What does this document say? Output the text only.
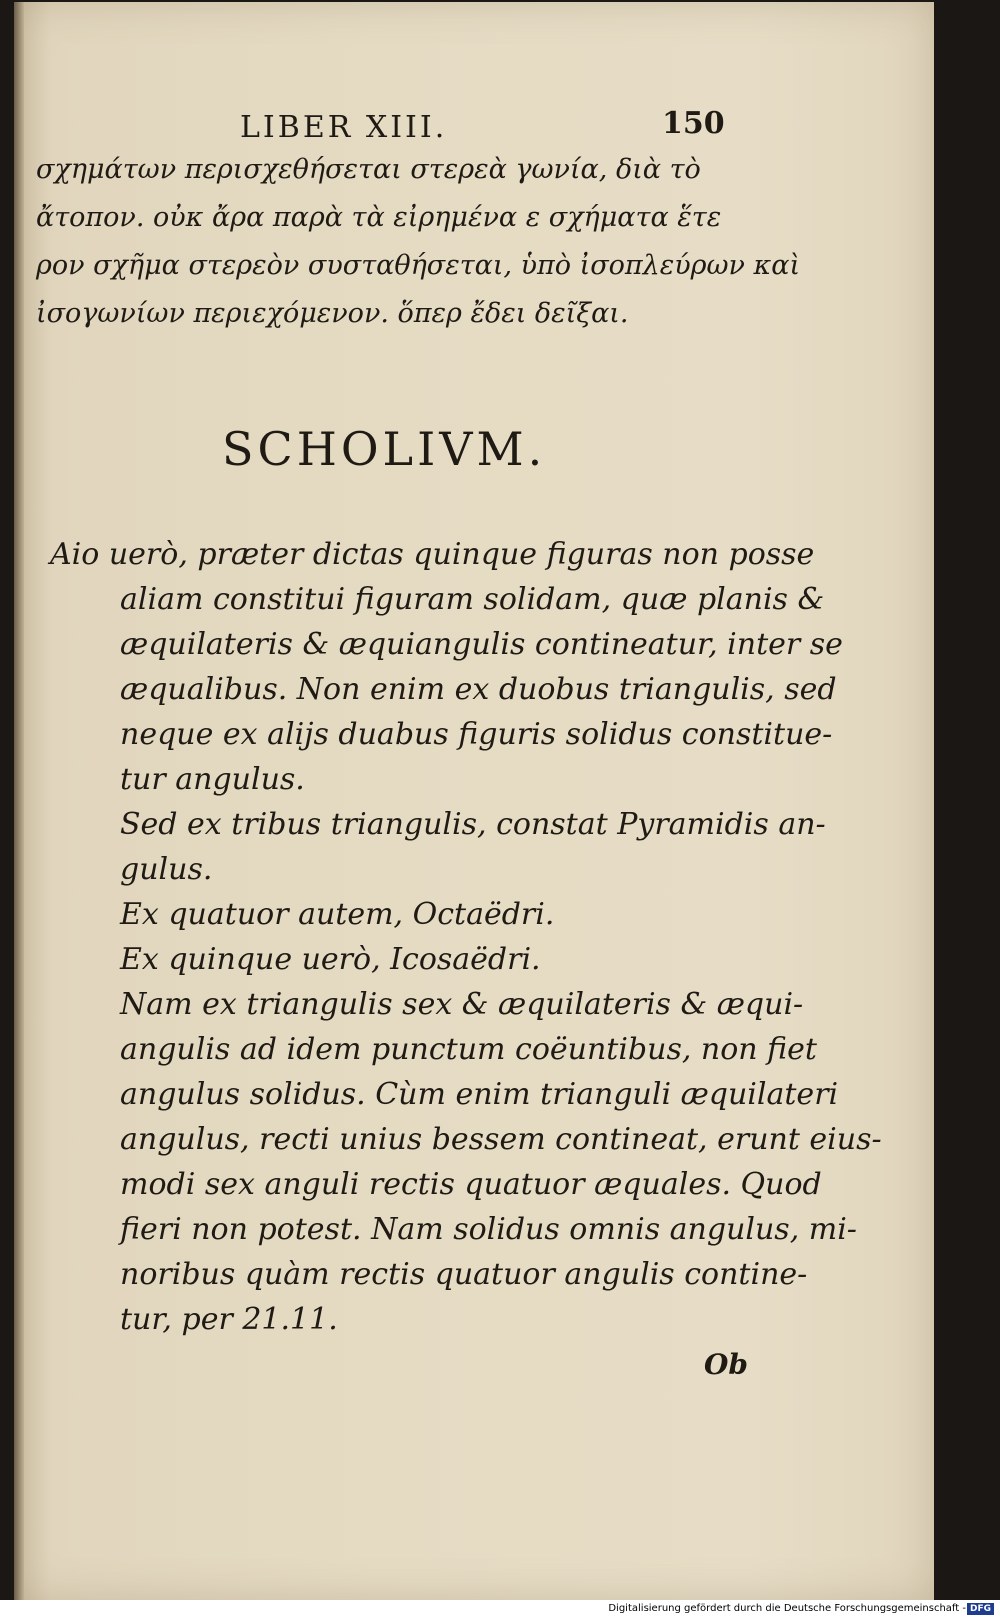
LIBER XIII.	150
σχημάτων περισχεθήσεται στερεὰ γωνία, διὰ τὸ
ἄτοπον. οὐκ ἄρα παρὰ τὰ εἰρημένα ε σχήματα ἕτε
ρον σχῆμα στερεὸν συσταθήσεται, ὑπὸ ἰσοπλεύρων καὶ
ἰσογωνίων περιεχόμενον. ὅπερ ἔδει δεῖξαι.
SCHOLIVM.
Aio uerò, præter dictas quinque figuras non posse
aliam constitui figuram solidam, quæ planis &
æquilateris & æquiangulis contineatur, inter se
æqualibus. Non enim ex duobus triangulis, sed
neque ex alijs duabus figuris solidus constitue-
tur angulus.
Sed ex tribus triangulis, constat Pyramidis an-
gulus.
Ex quatuor autem, Octaëdri.
Ex quinque uerò, Icosaëdri.
Nam ex triangulis sex & æquilateris & æqui-
angulis ad idem punctum coëuntibus, non fiet
angulus solidus. Cùm enim trianguli æquilateri
angulus, recti unius bessem contineat, erunt eius-
modi sex anguli rectis quatuor æquales. Quod
fieri non potest. Nam solidus omnis angulus, mi-
noribus quàm rectis quatuor angulis contine-
tur, per 21.11.
Ob
Digitalisierung gefördert durch die Deutsche Forschungsgemeinschaft - DFG
